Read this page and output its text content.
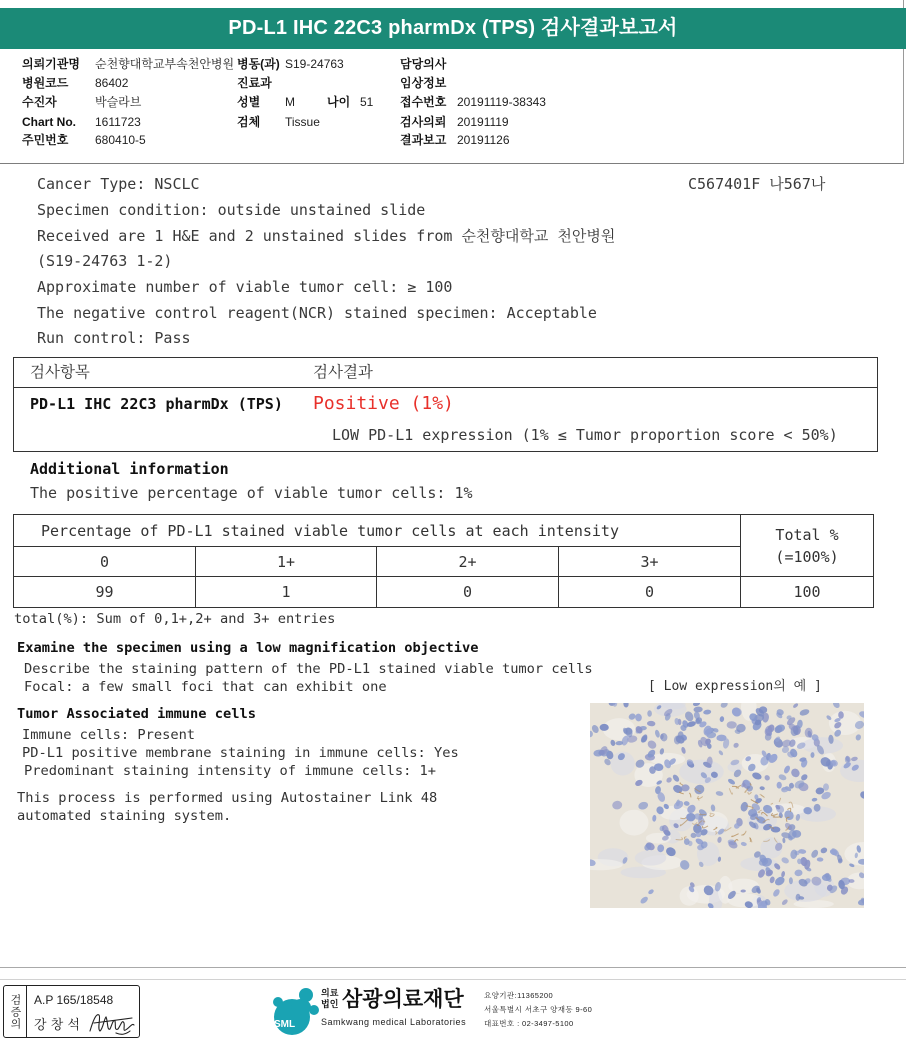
PD-L1 IHC 22C3 pharmDx (TPS) 검사결과보고서
의뢰기관명 순천향대학교부속천안병원 병동(과) S19-24763	담당의사
병원코드 86402	진료과	임상정보
수진자	박슬라브	성별 M	나이 51 접수번호 20191119-38343
Chart No. 1611723	검체 Tissue	검사의뢰 20191119
주민번호 680410-5	결과보고 20191126
Cancer Type: NSCLC	C567401F 나567나
Specimen condition: outside unstained slide
Received are 1 H&E and 2 unstained slides from 순천향대학교 천안병원
(S19-24763 1-2)
Approximate number of viable tumor cell: ≥ 100
The negative control reagent(NCR) stained specimen: Acceptable
Run control: Pass
검사항목	검사결과
PD-L1 IHC 22C3 pharmDx (TPS) Positive (1%)
LOW PD-L1 expression (1% ≤ Tumor proportion score < 50%)
Additional information
The positive percentage of viable tumor cells: 1%
Percentage of PD-L1 stained viable tumor cells at each intensity				Total %
(=100%)

0	1+	2+	3+	
99	1	0	0	100
total(%): Sum of 0,1+,2+ and 3+ entries
Examine the specimen using a low magnification objective
Describe the staining pattern of the PD-L1 stained viable tumor cells
Focal: a few small foci that can exhibit one	[ Low expression의 예 ]
Tumor Associated immune cells
Immune cells: Present
PD-L1 positive membrane staining in immune cells: Yes
Predominant staining intensity of immune cells: 1+
This process is performed using Autostainer Link 48
automated staining system.
검증의	A.P 165/18548
강 창 석	SML
의료
법인 삼광의료재단
Samkwang medical Laboratories
요양기관:11365200
서울특별시 서초구 양재동 9-60
대표번호 : 02-3497-5100
